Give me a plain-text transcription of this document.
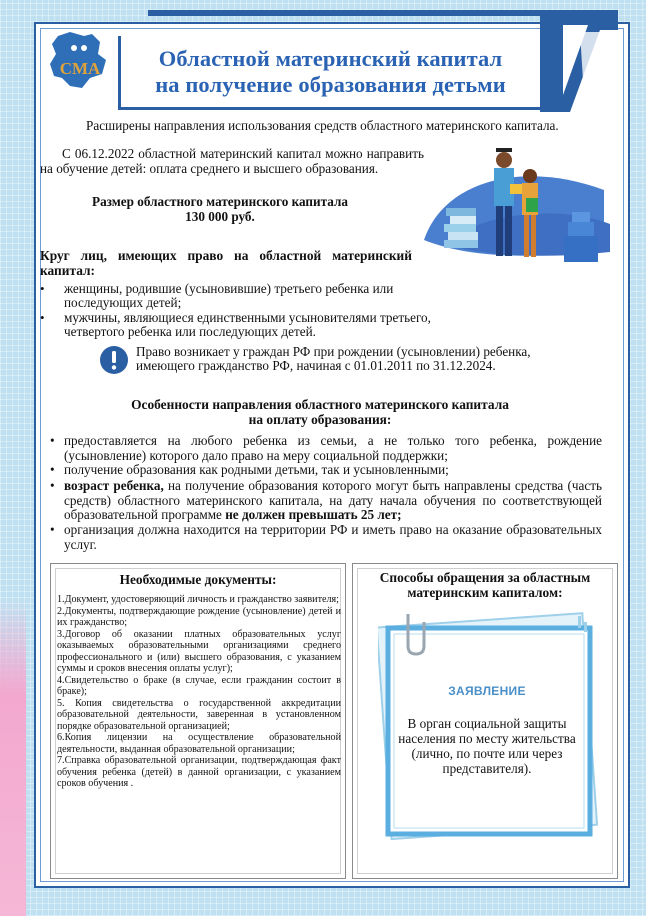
СМА	Областной материнский капитал
на получение образования детьми
Расширены направления использования средств областного материнского капитала.
С 06.12.2022 областной материнский капитал можно направить на обучение детей: оплата среднего и высшего образования.
Размер областного материнского капитала
130 000 руб.
Круг лиц, имеющих право на областной материнский капитал:
• женщины, родившие (усыновившие) третьего ребенка или последующих детей;
• мужчины, являющиеся единственными усыновителями третьего, четвертого ребенка или последующих детей.
Право возникает у граждан РФ при рождении (усыновлении) ребенка, имеющего гражданство РФ, начиная с 01.01.2011 по 31.12.2024.
Особенности направления областного материнского капитала
на оплату образования:
• предоставляется на любого ребенка из семьи, а не только того ребенка, рождение (усыновление) которого дало право на меру социальной поддержки;
• получение образования как родными детьми, так и усыновленными;
• возраст ребенка, на получение образования которого могут быть направлены средства (часть средств) областного материнского капитала, на дату начала обучения по соответствующей образовательной программе не должен превышать 25 лет;
• организация должна находится на территории РФ и иметь право на оказание образовательных услуг.
Необходимые документы:
1.Документ, удостоверяющий личность и гражданство заявителя;
2.Документы, подтверждающие рождение (усыновление) детей и их гражданство;
3.Договор об оказании платных образовательных услуг оказываемых образовательными организациями среднего профессионального и (или) высшего образования, с указанием суммы и сроков внесения оплаты услуг);
4.Свидетельство о браке (в случае, если гражданин состоит в браке);
5. Копия свидетельства о государственной аккредитации образовательной деятельности, заверенная в установленном порядке образовательной организацией;
6.Копия лицензии на осуществление образовательной деятельности, выданная образовательной организации;
7.Справка образовательной организации, подтверждающая факт обучения ребенка (детей) в данной организации, с указанием сроков обучения .
Способы обращения за областным материнским капиталом:
ЗАЯВЛЕНИЕ
В орган социальной защиты населения по месту жительства (лично, по почте или через представителя).
